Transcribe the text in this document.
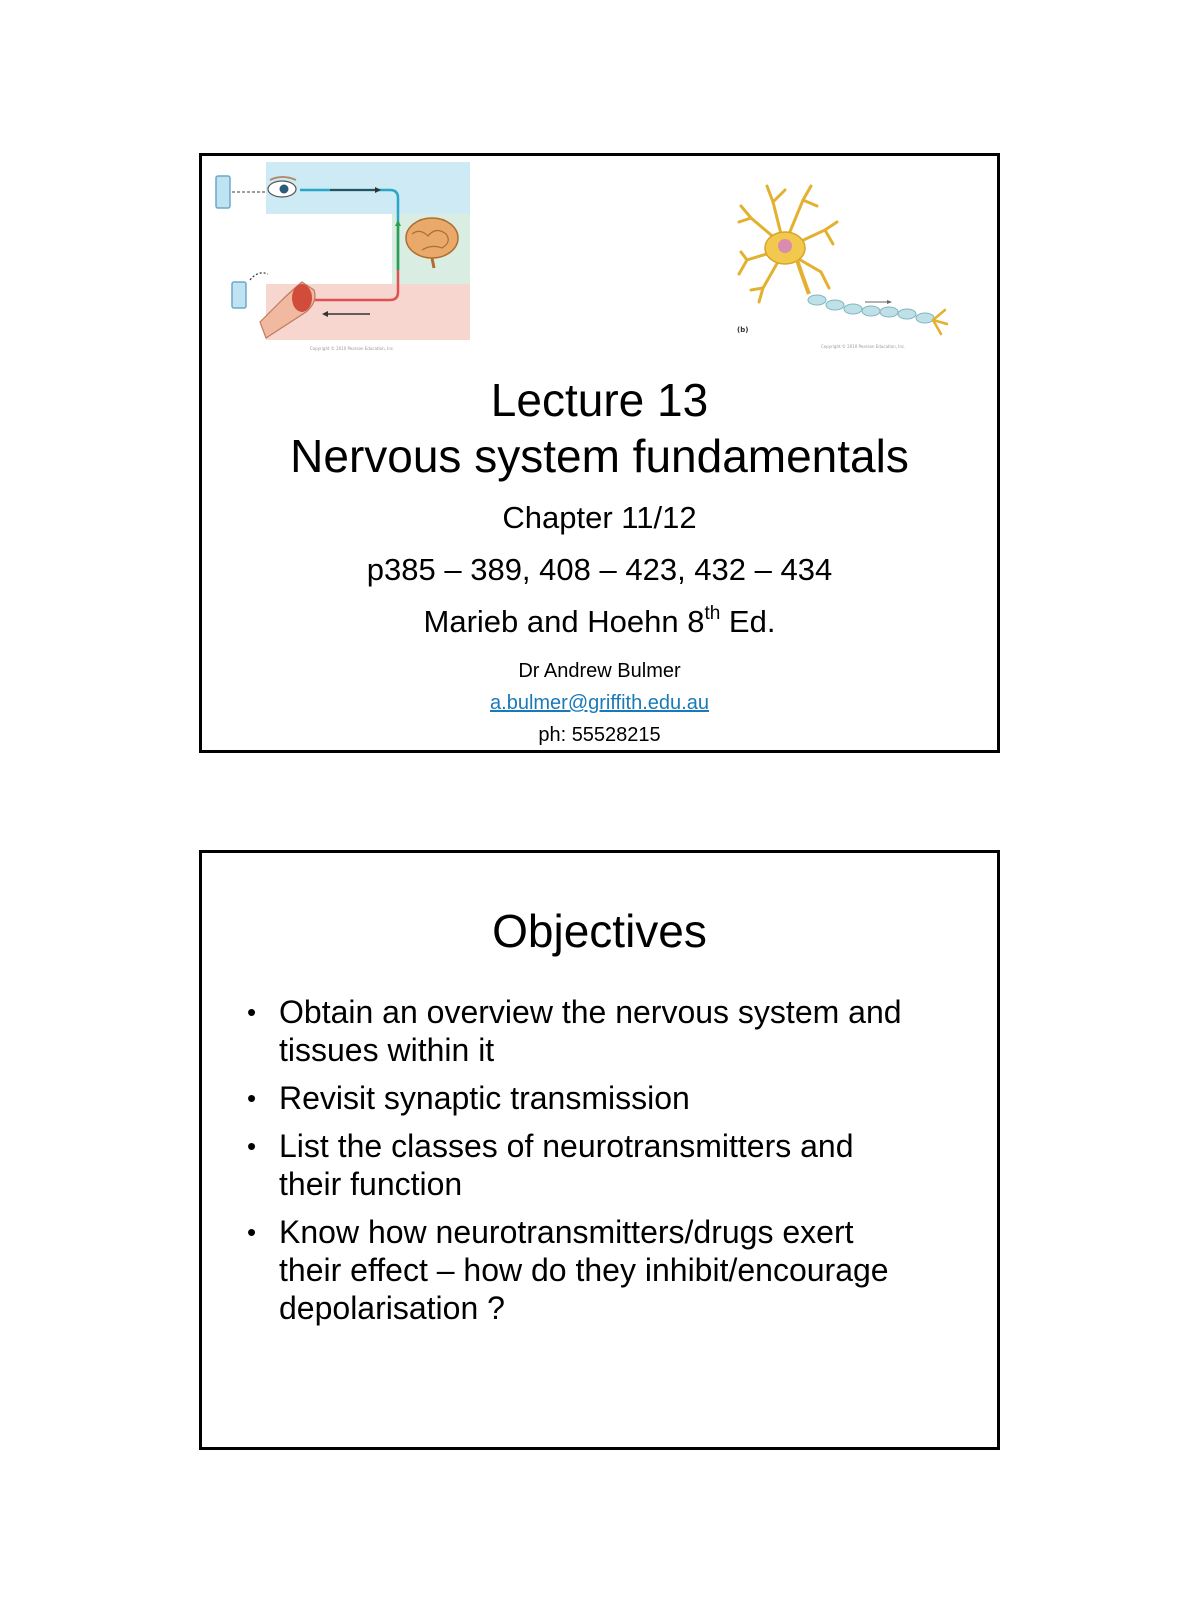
Copyright © 2010 Pearson Education, Inc.
(b)
Copyright © 2010 Pearson Education, Inc.
Lecture 13
Nervous system fundamentals
Chapter 11/12
p385 – 389, 408 – 423, 432 – 434
Marieb and Hoehn 8th Ed.
Dr Andrew Bulmer
a.bulmer@griffith.edu.au
ph: 55528215
Objectives
• Obtain an overview the nervous system and tissues within it
• Revisit synaptic transmission
• List the classes of neurotransmitters and their function
• Know how neurotransmitters/drugs exert their effect – how do they inhibit/encourage depolarisation ?
